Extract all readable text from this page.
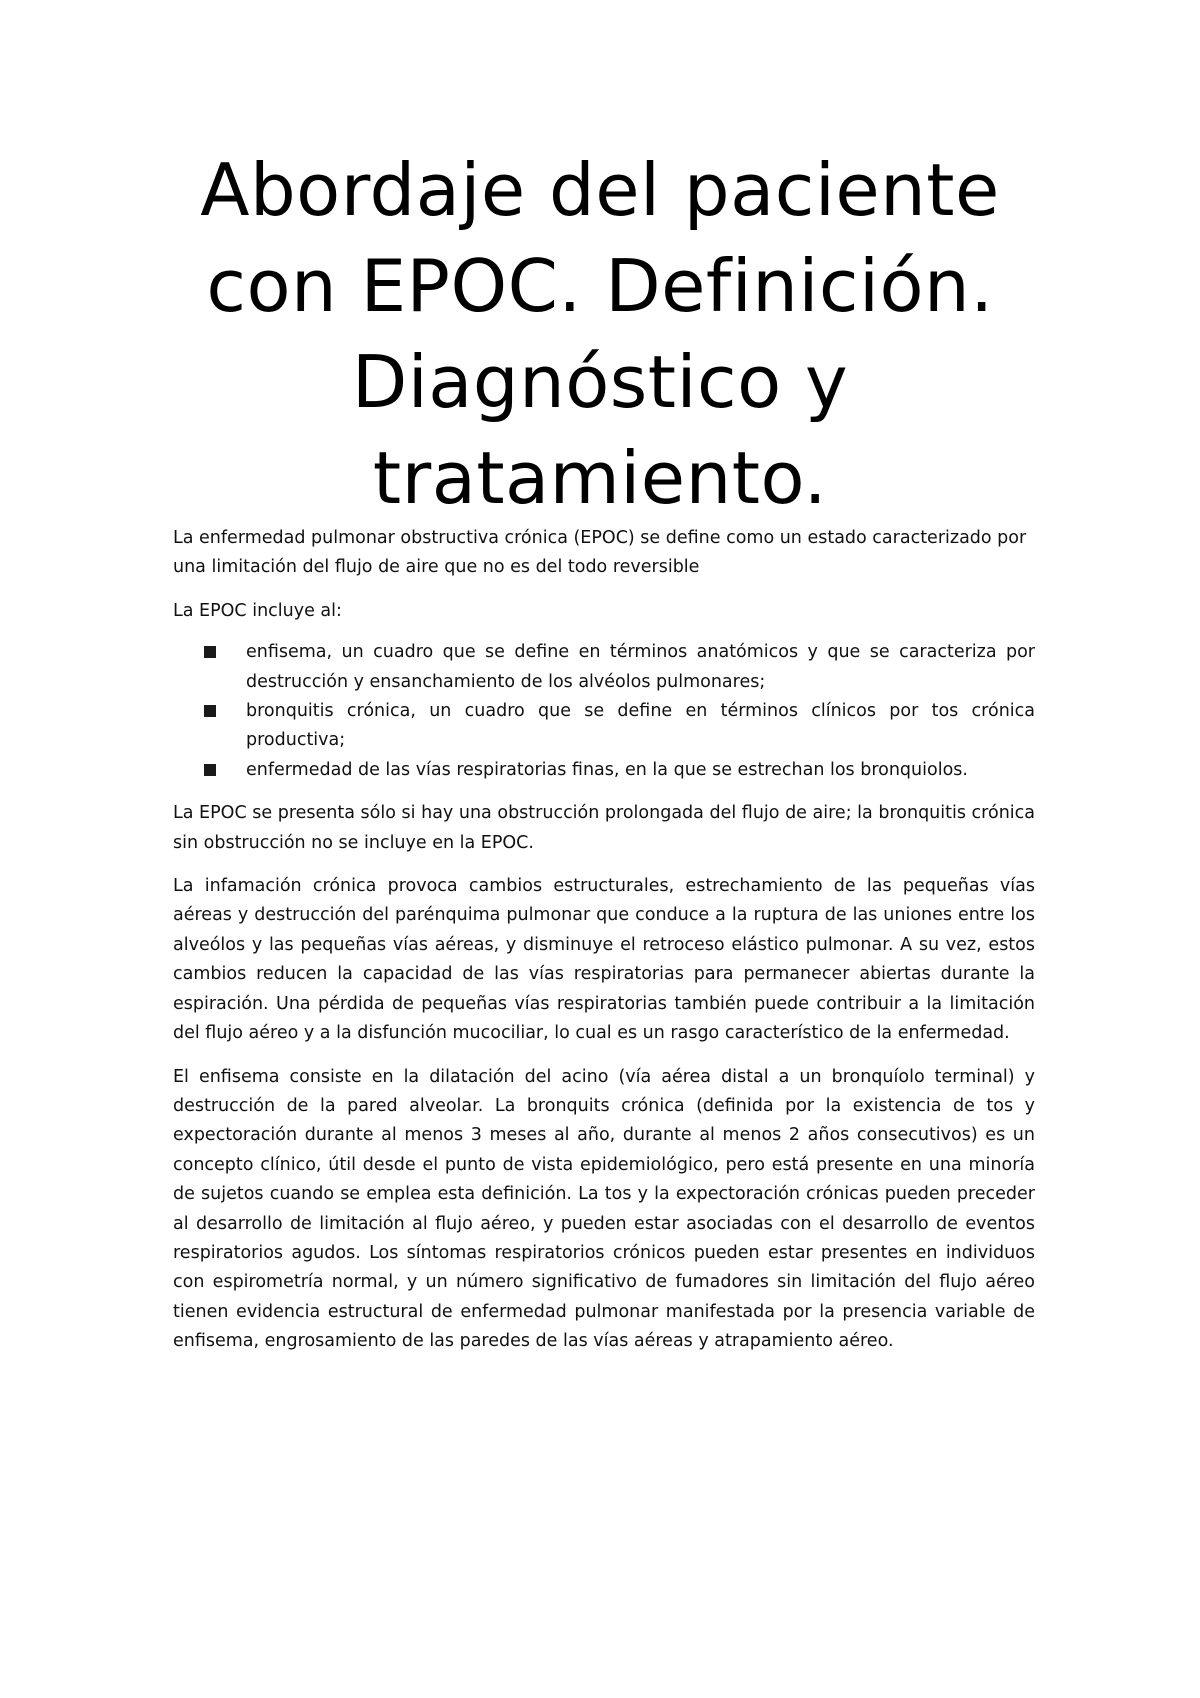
Abordaje del paciente
con EPOC. Definición.
Diagnóstico y
tratamiento.

La enfermedad pulmonar obstructiva crónica (EPOC) se define como un estado caracterizado por una limitación del flujo de aire que no es del todo reversible

La EPOC incluye al:

enfisema, un cuadro que se define en términos anatómicos y que se caracteriza por destrucción y ensanchamiento de los alvéolos pulmonares;
bronquitis crónica, un cuadro que se define en términos clínicos por tos crónica productiva;
enfermedad de las vías respiratorias finas, en la que se estrechan los bronquiolos.

La EPOC se presenta sólo si hay una obstrucción prolongada del flujo de aire; la bronquitis crónica sin obstrucción no se incluye en la EPOC.

La infamación crónica provoca cambios estructurales, estrechamiento de las pequeñas vías aéreas y destrucción del parénquima pulmonar que conduce a la ruptura de las uniones entre los alveólos y las pequeñas vías aéreas, y disminuye el retroceso elástico pulmonar. A su vez, estos cambios reducen la capacidad de las vías respiratorias para permanecer abiertas durante la espiración. Una pérdida de pequeñas vías respiratorias también puede contribuir a la limitación del flujo aéreo y a la disfunción mucociliar, lo cual es un rasgo característico de la enfermedad.

El enfisema consiste en la dilatación del acino (vía aérea distal a un bronquíolo terminal) y destrucción de la pared alveolar. La bronquits crónica (definida por la existencia de tos y expectoración durante al menos 3 meses al año, durante al menos 2 años consecutivos) es un concepto clínico, útil desde el punto de vista epidemiológico, pero está presente en una minoría de sujetos cuando se emplea esta definición. La tos y la expectoración crónicas pueden preceder al desarrollo de limitación al flujo aéreo, y pueden estar asociadas con el desarrollo de eventos respiratorios agudos. Los síntomas respiratorios crónicos pueden estar presentes en individuos con espirometría normal, y un número significativo de fumadores sin limitación del flujo aéreo tienen evidencia estructural de enfermedad pulmonar manifestada por la presencia variable de enfisema, engrosamiento de las paredes de las vías aéreas y atrapamiento aéreo.
